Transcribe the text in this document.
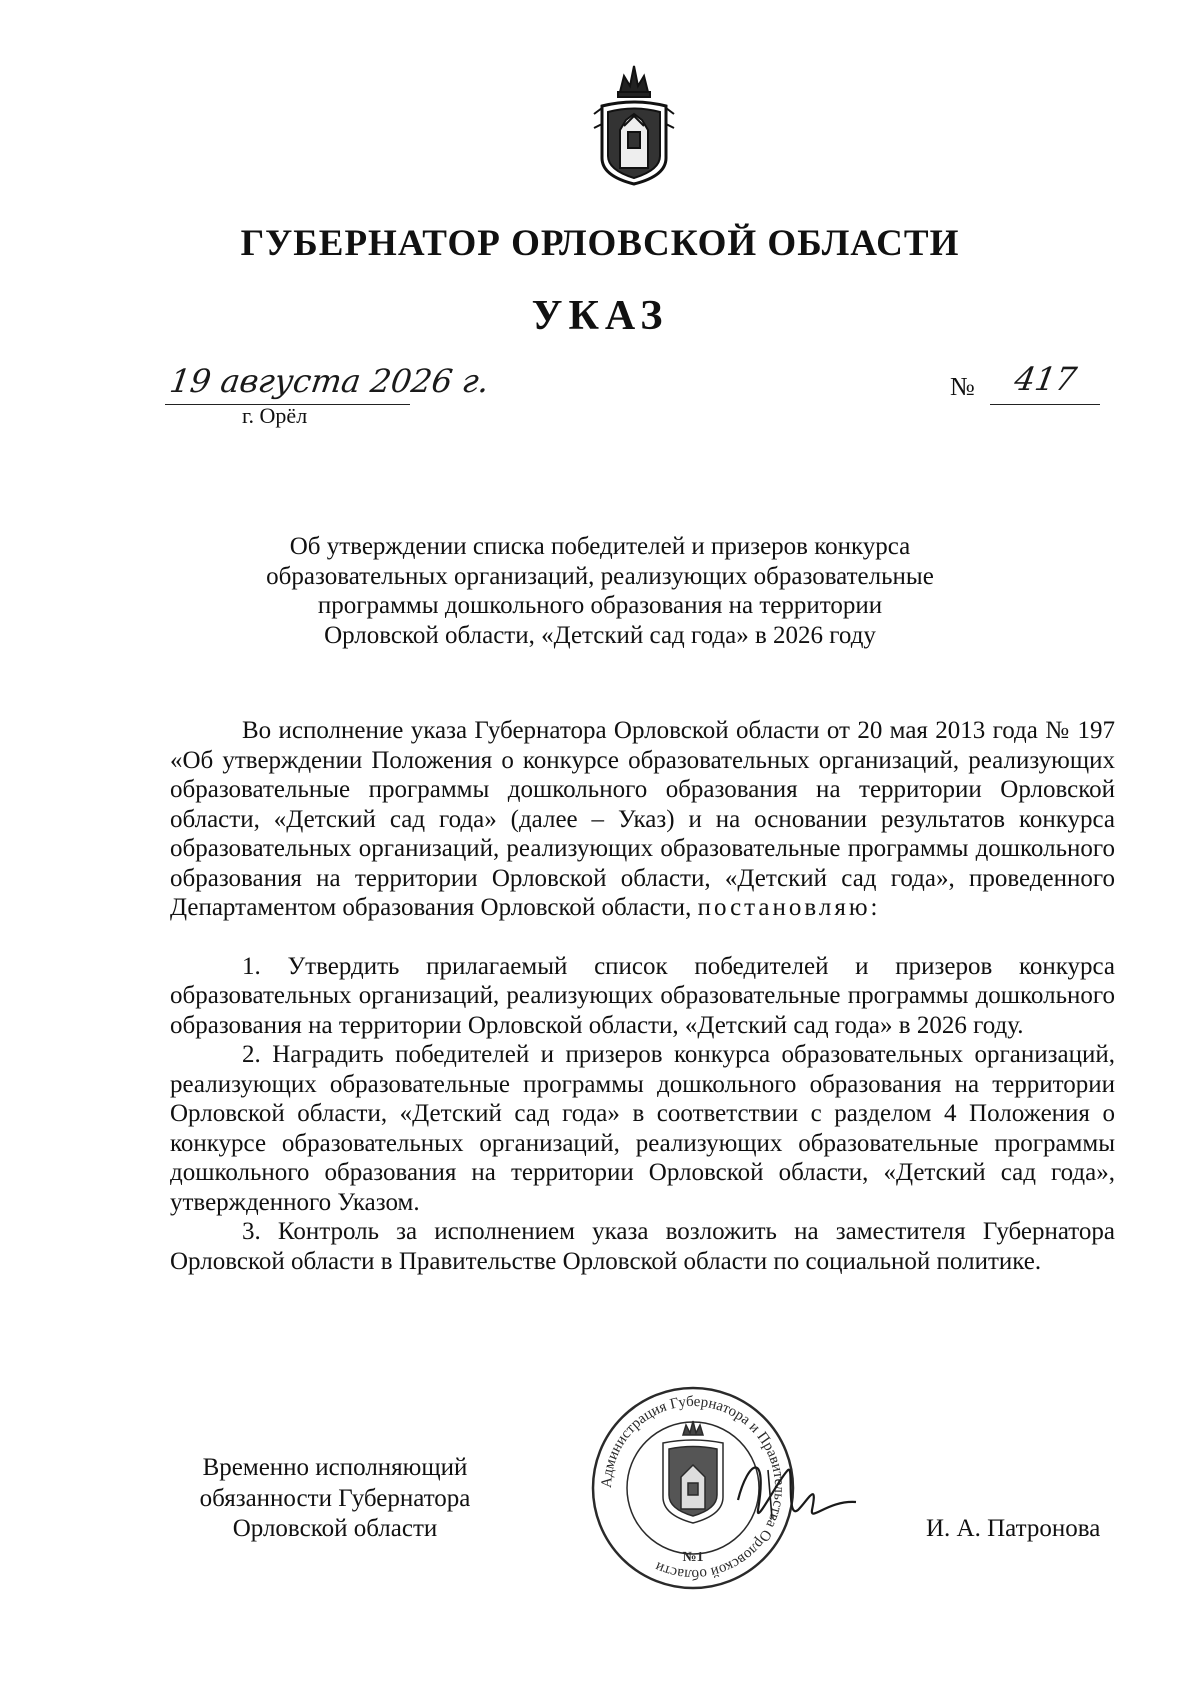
ГУБЕРНАТОР ОРЛОВСКОЙ ОБЛАСТИ
УКАЗ
19 августа 2026 г.
г. Орёл
№ 417
Об утверждении списка победителей и призеров конкурса
образовательных организаций, реализующих образовательные
программы дошкольного образования на территории
Орловской области, «Детский сад года» в 2026 году

Во исполнение указа Губернатора Орловской области от 20 мая 2013 года № 197 «Об утверждении Положения о конкурсе образовательных организаций, реализующих образовательные программы дошкольного образования на территории Орловской области, «Детский сад года» (далее – Указ) и на основании результатов конкурса образовательных организаций, реализующих образовательные программы дошкольного образования на территории Орловской области, «Детский сад года», проведенного Департаментом образования Орловской области, постановляю:

1. Утвердить прилагаемый список победителей и призеров конкурса образовательных организаций, реализующих образовательные программы дошкольного образования на территории Орловской области, «Детский сад года» в 2026 году.

2. Наградить победителей и призеров конкурса образовательных организаций, реализующих образовательные программы дошкольного образования на территории Орловской области, «Детский сад года» в соответствии с разделом 4 Положения о конкурсе образовательных организаций, реализующих образовательные программы дошкольного образования на территории Орловской области, «Детский сад года», утвержденного Указом.

3. Контроль за исполнением указа возложить на заместителя Губернатора Орловской области в Правительстве Орловской области по социальной политике.

Временно исполняющий
обязанности Губернатора
Орловской области
Администрация Губернатора и Правительства Орловской области
№1
И. А. Патронова
